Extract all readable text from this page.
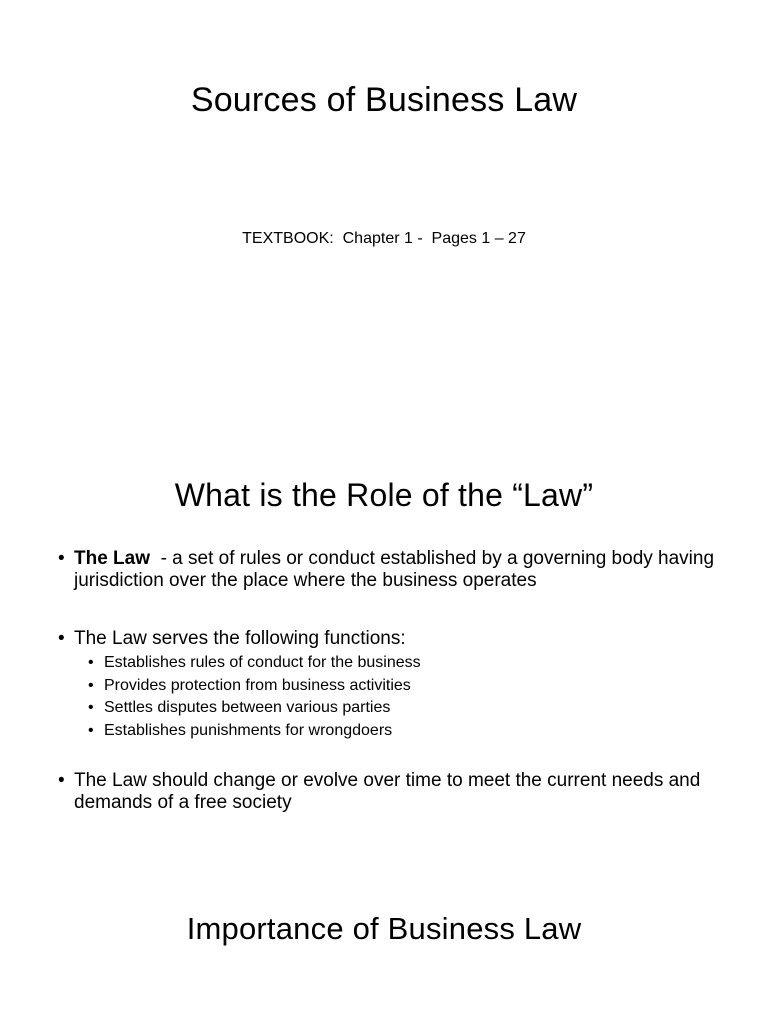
Sources of Business Law
TEXTBOOK:  Chapter 1 -  Pages 1 – 27
What is the Role of the “Law”
• The Law  - a set of rules or conduct established by a governing body having jurisdiction over the place where the business operates
• The Law serves the following functions:
• Establishes rules of conduct for the business
• Provides protection from business activities
• Settles disputes between various parties
• Establishes punishments for wrongdoers
• The Law should change or evolve over time to meet the current needs and demands of a free society
Importance of Business Law
